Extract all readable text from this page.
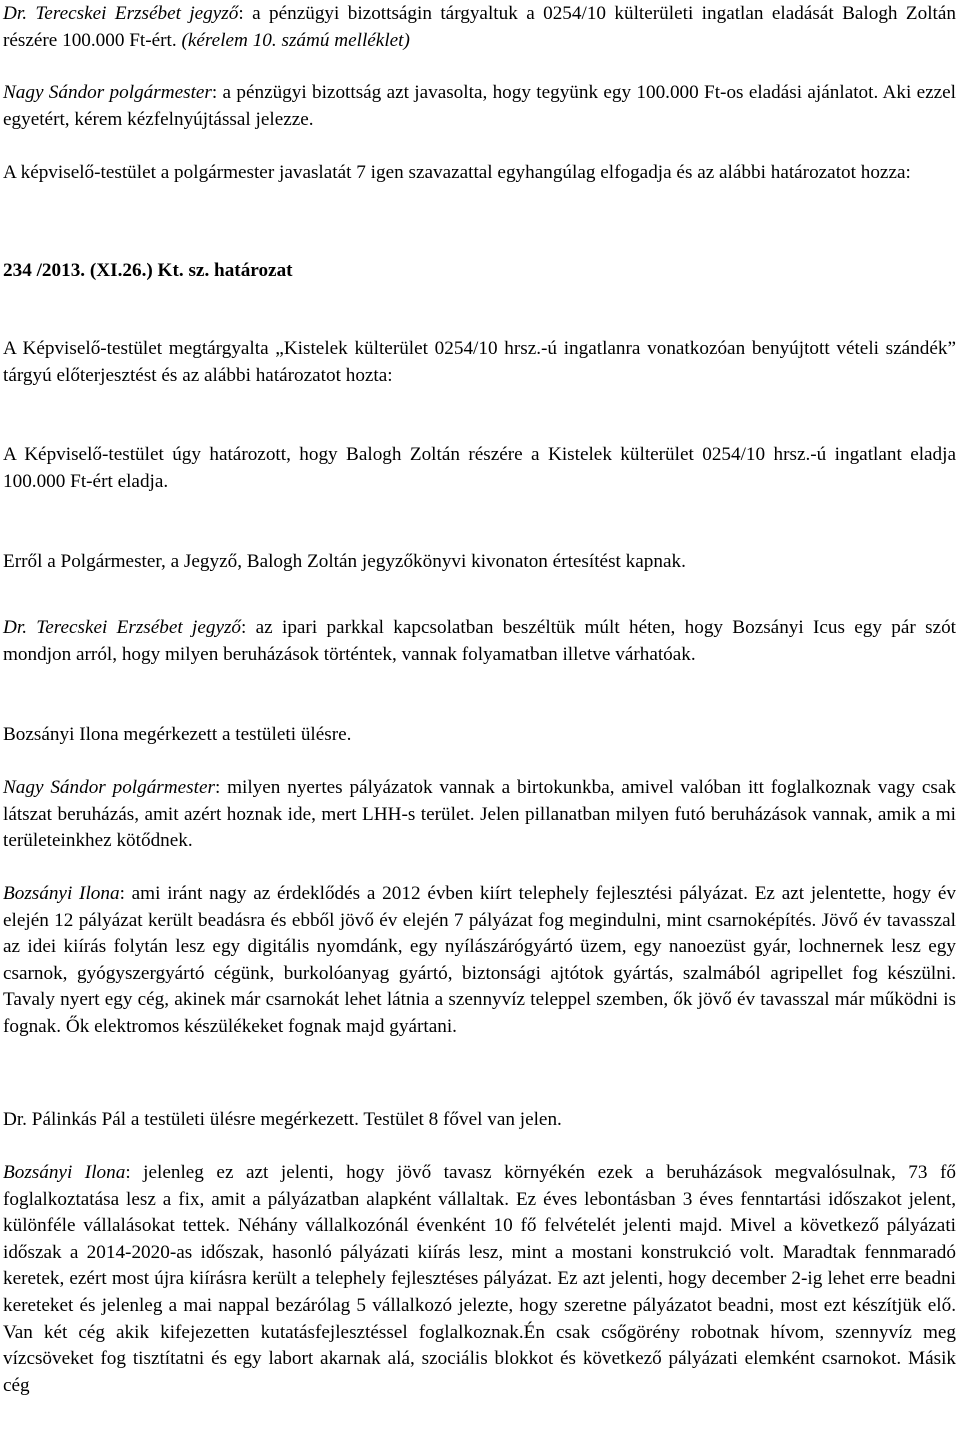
Dr. Terecskei Erzsébet jegyző: a pénzügyi bizottságin tárgyaltuk a 0254/10 külterületi ingatlan eladását Balogh Zoltán részére 100.000 Ft-ért. (kérelem 10. számú melléklet)

Nagy Sándor polgármester: a pénzügyi bizottság azt javasolta, hogy tegyünk egy 100.000 Ft-os eladási ajánlatot. Aki ezzel egyetért, kérem kézfelnyújtással jelezze.

A képviselő-testület a polgármester javaslatát 7 igen szavazattal egyhangúlag elfogadja és az alábbi határozatot hozza:

234 /2013. (XI.26.) Kt. sz. határozat

A Képviselő-testület megtárgyalta „Kistelek külterület 0254/10 hrsz.-ú ingatlanra vonatkozóan benyújtott vételi szándék” tárgyú előterjesztést és az alábbi határozatot hozta:

A Képviselő-testület úgy határozott, hogy Balogh Zoltán részére a Kistelek külterület 0254/10 hrsz.-ú ingatlant eladja 100.000 Ft-ért eladja.

Erről a Polgármester, a Jegyző, Balogh Zoltán jegyzőkönyvi kivonaton értesítést kapnak.

Dr. Terecskei Erzsébet jegyző: az ipari parkkal kapcsolatban beszéltük múlt héten, hogy Bozsányi Icus egy pár szót mondjon arról, hogy milyen beruházások történtek, vannak folyamatban illetve várhatóak.

Bozsányi Ilona megérkezett a testületi ülésre.

Nagy Sándor polgármester: milyen nyertes pályázatok vannak a birtokunkba, amivel valóban itt foglalkoznak vagy csak látszat beruházás, amit azért hoznak ide, mert LHH-s terület. Jelen pillanatban milyen futó beruházások vannak, amik a mi területeinkhez kötődnek.

Bozsányi Ilona: ami iránt nagy az érdeklődés a 2012 évben kiírt telephely fejlesztési pályázat. Ez azt jelentette, hogy év elején 12 pályázat került beadásra és ebből jövő év elején 7 pályázat fog megindulni, mint csarnoképítés. Jövő év tavasszal az idei kiírás folytán lesz egy digitális nyomdánk, egy nyílászárógyártó üzem, egy nanoezüst gyár, lochnernek lesz egy csarnok, gyógyszergyártó cégünk, burkolóanyag gyártó, biztonsági ajtótok gyártás, szalmából agripellet fog készülni. Tavaly nyert egy cég, akinek már csarnokát lehet látnia a szennyvíz teleppel szemben, ők jövő év tavasszal már működni is fognak. Ők elektromos készülékeket fognak majd gyártani.

Dr. Pálinkás Pál a testületi ülésre megérkezett. Testület 8 fővel van jelen.

Bozsányi Ilona: jelenleg ez azt jelenti, hogy jövő tavasz környékén ezek a beruházások megvalósulnak, 73 fő foglalkoztatása lesz a fix, amit a pályázatban alapként vállaltak. Ez éves lebontásban 3 éves fenntartási időszakot jelent, különféle vállalásokat tettek. Néhány vállalkozónál évenként 10 fő felvételét jelenti majd. Mivel a következő pályázati időszak a 2014-2020-as időszak, hasonló pályázati kiírás lesz, mint a mostani konstrukció volt. Maradtak fennmaradó keretek, ezért most újra kiírásra került a telephely fejlesztéses pályázat. Ez azt jelenti, hogy december 2-ig lehet erre beadni kereteket és jelenleg a mai nappal bezárólag 5 vállalkozó jelezte, hogy szeretne pályázatot beadni, most ezt készítjük elő. Van két cég akik kifejezetten kutatásfejlesztéssel foglalkoznak.Én csak csőgörény robotnak hívom, szennyvíz meg vízcsöveket fog tisztítatni és egy labort akarnak alá, szociális blokkot és következő pályázati elemként csarnokot. Másik cég
